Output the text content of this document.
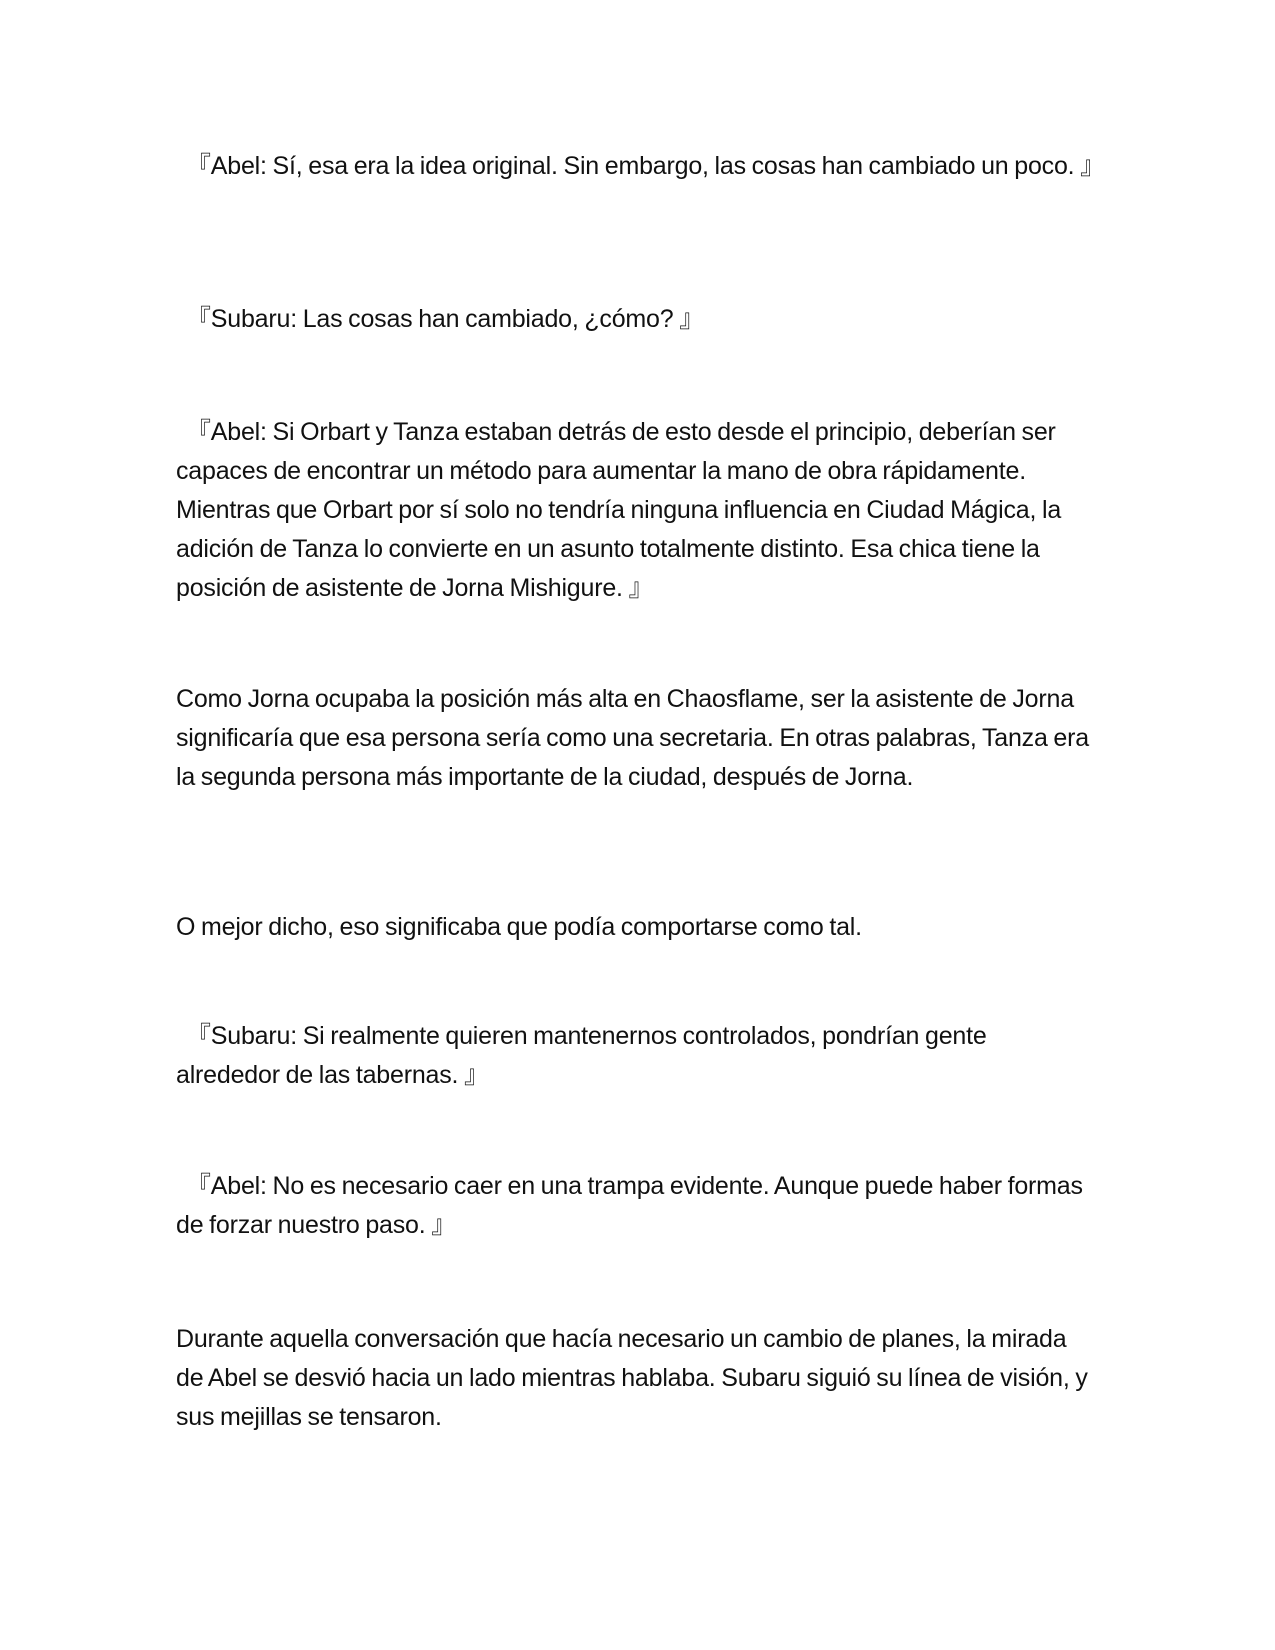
『Abel: Sí, esa era la idea original. Sin embargo, las cosas han cambiado un poco. 』

『Subaru: Las cosas han cambiado, ¿cómo? 』

『Abel: Si Orbart y Tanza estaban detrás de esto desde el principio, deberían ser capaces de encontrar un método para aumentar la mano de obra rápidamente. Mientras que Orbart por sí solo no tendría ninguna influencia en Ciudad Mágica, la adición de Tanza lo convierte en un asunto totalmente distinto. Esa chica tiene la posición de asistente de Jorna Mishigure. 』

Como Jorna ocupaba la posición más alta en Chaosflame, ser la asistente de Jorna significaría que esa persona sería como una secretaria. En otras palabras, Tanza era la segunda persona más importante de la ciudad, después de Jorna.

O mejor dicho, eso significaba que podía comportarse como tal.

『Subaru: Si realmente quieren mantenernos controlados, pondrían gente alrededor de las tabernas. 』

『Abel: No es necesario caer en una trampa evidente. Aunque puede haber formas de forzar nuestro paso. 』

Durante aquella conversación que hacía necesario un cambio de planes, la mirada de Abel se desvió hacia un lado mientras hablaba. Subaru siguió su línea de visión, y sus mejillas se tensaron.
